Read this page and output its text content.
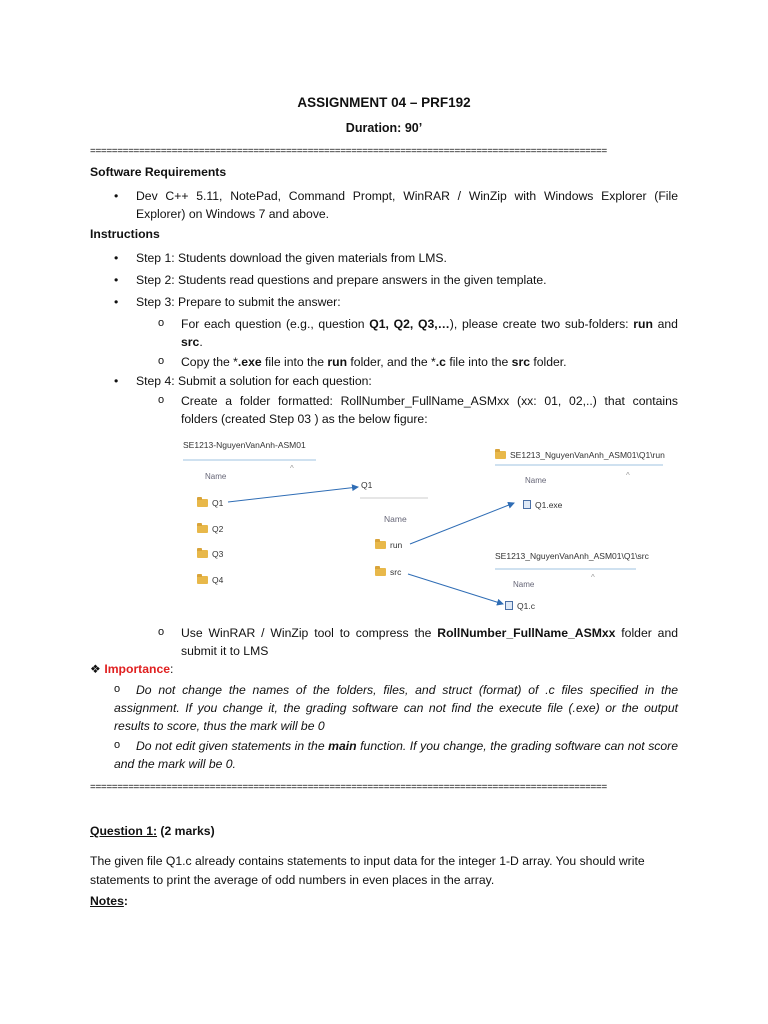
ASSIGNMENT 04 – PRF192
Duration: 90’
===============================================================================================
Software Requirements
• Dev C++ 5.11, NotePad, Command Prompt, WinRAR / WinZip with Windows Explorer (File Explorer) on Windows 7 and above.
Instructions
• Step 1: Students download the given materials from LMS.
• Step 2: Students read questions and prepare answers in the given template.
• Step 3: Prepare to submit the answer:
o For each question (e.g., question Q1, Q2, Q3,…), please create two sub-folders: run and src.
o Copy the *.exe file into the run folder, and the *.c file into the src folder.
• Step 4: Submit a solution for each question:
o Create a folder formatted: RollNumber_FullName_ASMxx (xx: 01, 02,..) that contains folders (created Step 03 ) as the below figure:
SE1213-NguyenVanAnh-ASM01
Name
^
Q1
Q2
Q3
Q4
Q1
Name
run
src
SE1213_NguyenVanAnh_ASM01\Q1\run
Name
^
Q1.exe
SE1213_NguyenVanAnh_ASM01\Q1\src
Name
^
Q1.c
o Use WinRAR / WinZip tool to compress the RollNumber_FullName_ASMxx folder and submit it to LMS
❖ Importance:
o	Do not change the names of the folders, files, and struct (format) of .c files specified in the assignment. If you change it, the grading software can not find the execute file (.exe) or the output results to score, thus the mark will be 0
o	Do not edit given statements in the main function. If you change, the grading software can not score and the mark will be 0.
===============================================================================================
Question 1: (2 marks)
The given file Q1.c already contains statements to input data for the integer 1-D array. You should write statements to print the average of odd numbers in even places in the array.
Notes:
